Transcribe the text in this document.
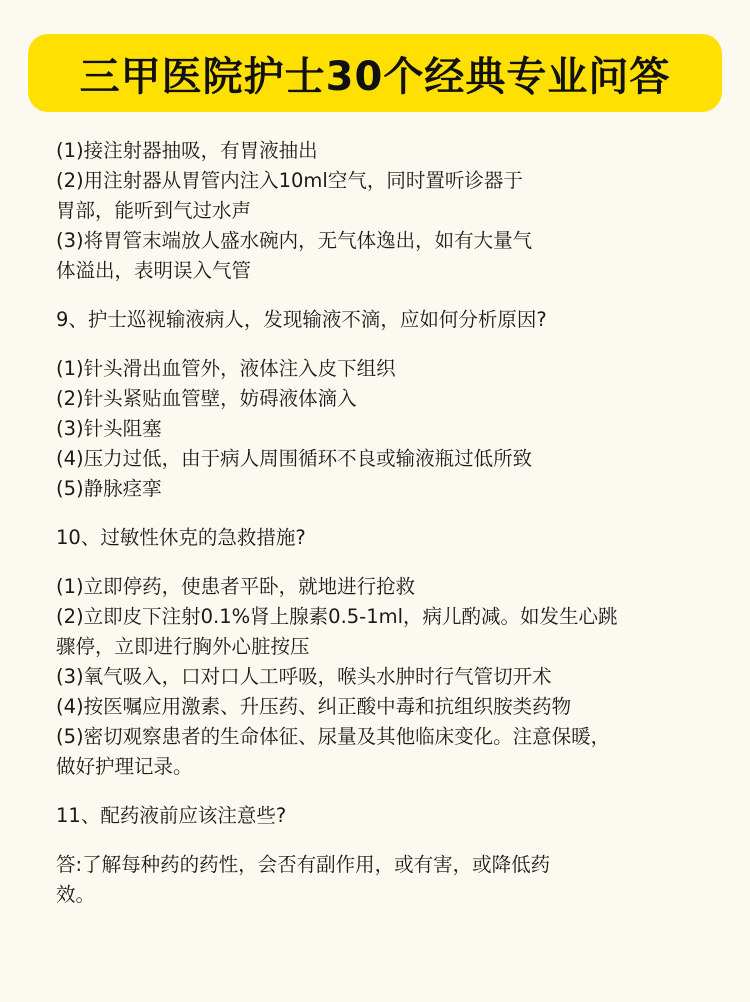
三甲医院护士30个经典专业问答
(1)接注射器抽吸，有胃液抽出
(2)用注射器从胃管内注入10ml空气，同时置听诊器于
胃部，能听到气过水声
(3)将胃管末端放人盛水碗内，无气体逸出，如有大量气
体溢出，表明误入气管
9、护士巡视输液病人，发现输液不滴，应如何分析原因?
(1)针头滑出血管外，液体注入皮下组织
(2)针头紧贴血管壁，妨碍液体滴入
(3)针头阻塞
(4)压力过低，由于病人周围循环不良或输液瓶过低所致
(5)静脉痉挛
10、过敏性休克的急救措施?
(1)立即停药，使患者平卧，就地进行抢救
(2)立即皮下注射0.1%肾上腺素0.5-1ml，病儿酌减。如发生心跳
骤停，立即进行胸外心脏按压
(3)氧气吸入，口对口人工呼吸，喉头水肿时行气管切开术
(4)按医嘱应用激素、升压药、纠正酸中毒和抗组织胺类药物
(5)密切观察患者的生命体征、尿量及其他临床变化。注意保暖，
做好护理记录。
11、配药液前应该注意些?
答:了解每种药的药性，会否有副作用，或有害，或降低药
效。
